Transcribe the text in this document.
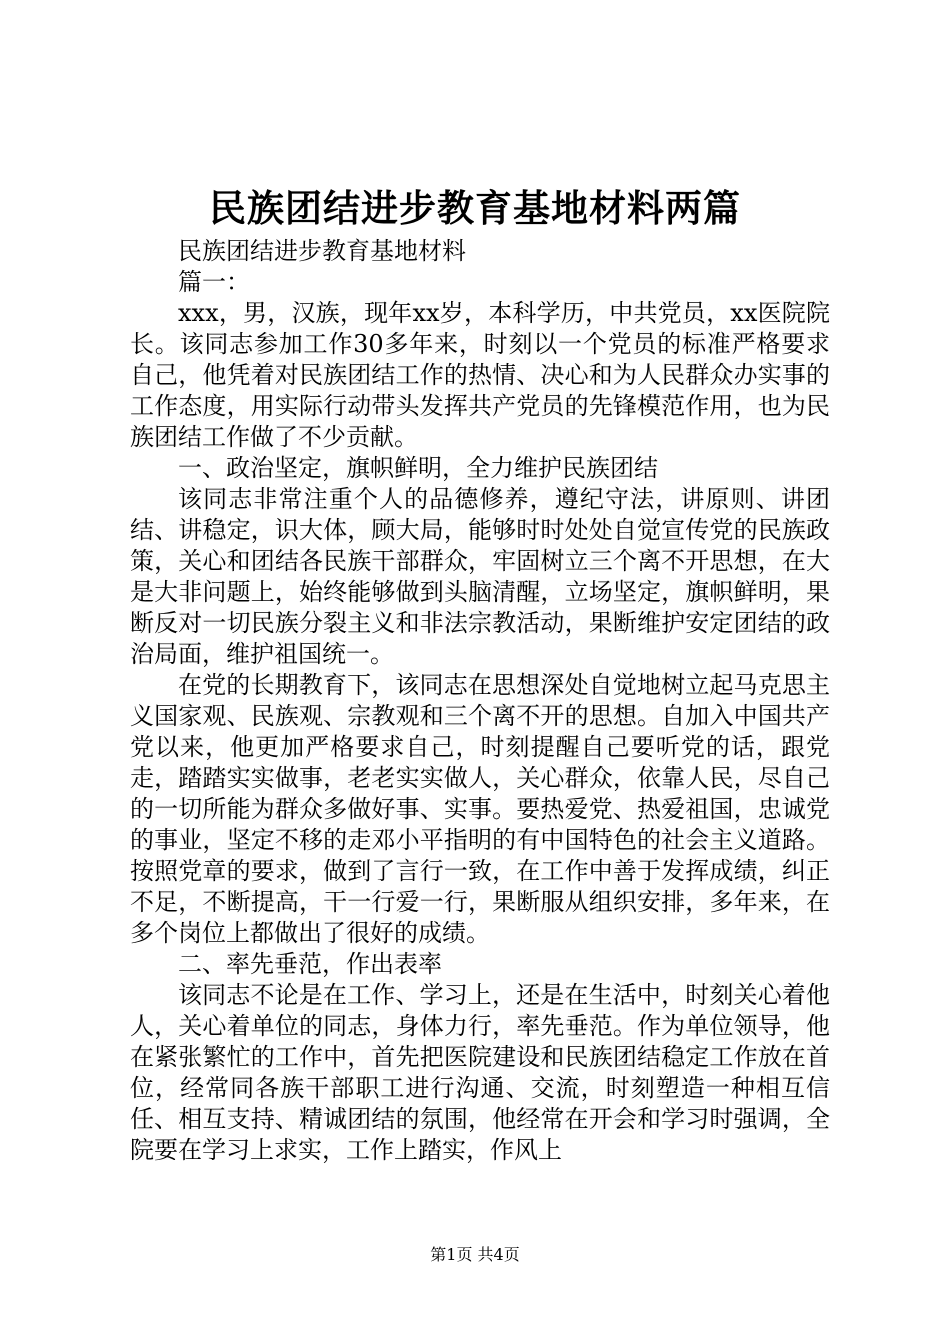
民族团结进步教育基地材料两篇

民族团结进步教育基地材料

篇一：

xxx，男，汉族，现年xx岁，本科学历，中共党员，xx医院院长。该同志参加工作30多年来，时刻以一个党员的标准严格要求自己，他凭着对民族团结工作的热情、决心和为人民群众办实事的工作态度，用实际行动带头发挥共产党员的先锋模范作用，也为民族团结工作做了不少贡献。

一、政治坚定，旗帜鲜明，全力维护民族团结

该同志非常注重个人的品德修养，遵纪守法，讲原则、讲团结、讲稳定，识大体，顾大局，能够时时处处自觉宣传党的民族政策，关心和团结各民族干部群众，牢固树立三个离不开思想，在大是大非问题上，始终能够做到头脑清醒，立场坚定，旗帜鲜明，果断反对一切民族分裂主义和非法宗教活动，果断维护安定团结的政治局面，维护祖国统一。

在党的长期教育下，该同志在思想深处自觉地树立起马克思主义国家观、民族观、宗教观和三个离不开的思想。自加入中国共产党以来，他更加严格要求自己，时刻提醒自己要听党的话，跟党走，踏踏实实做事，老老实实做人，关心群众，依靠人民，尽自己的一切所能为群众多做好事、实事。要热爱党、热爱祖国，忠诚党的事业，坚定不移的走邓小平指明的有中国特色的社会主义道路。按照党章的要求，做到了言行一致，在工作中善于发挥成绩，纠正不足，不断提高，干一行爱一行，果断服从组织安排，多年来，在多个岗位上都做出了很好的成绩。

二、率先垂范，作出表率

该同志不论是在工作、学习上，还是在生活中，时刻关心着他人，关心着单位的同志，身体力行，率先垂范。作为单位领导，他在紧张繁忙的工作中，首先把医院建设和民族团结稳定工作放在首位，经常同各族干部职工进行沟通、交流，时刻塑造一种相互信任、相互支持、精诚团结的氛围，他经常在开会和学习时强调，全院要在学习上求实，工作上踏实，作风上

第1页 共4页
